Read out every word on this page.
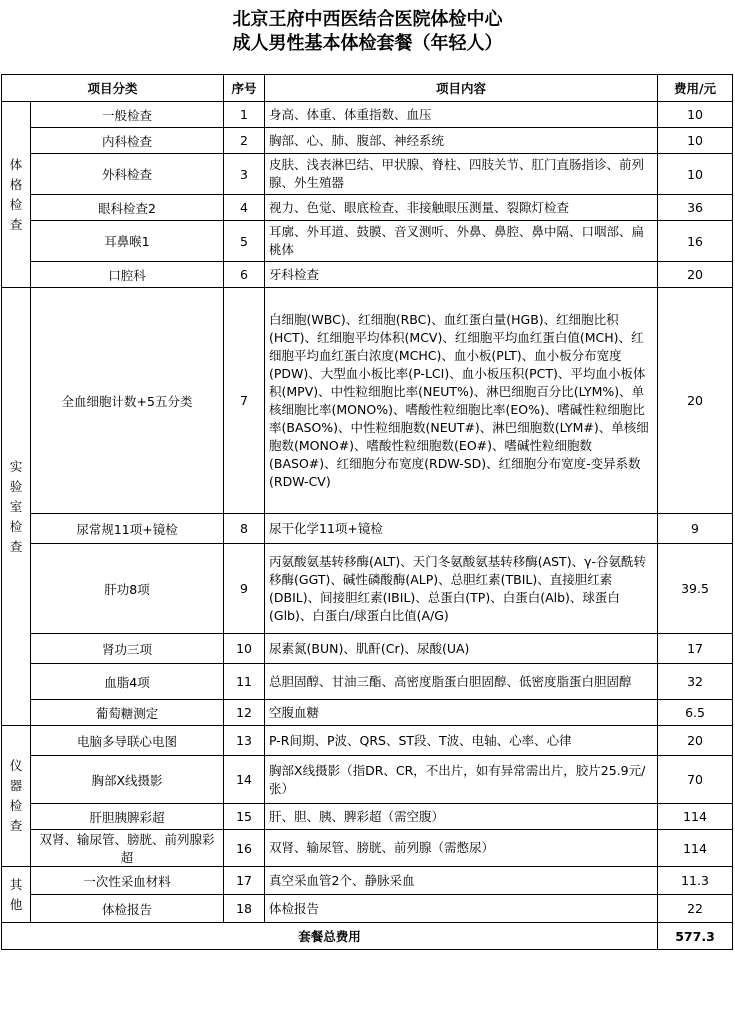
北京王府中西医结合医院体检中心
成人男性基本体检套餐（年轻人）
项目分类		序号	项目内容	费用/元
体格检查	一般检查	1	身高、体重、体重指数、血压	10
	内科检查	2	胸部、心、肺、腹部、神经系统	10
	外科检查	3	皮肤、浅表淋巴结、甲状腺、脊柱、四肢关节、肛门直肠指诊、前列腺、外生殖器	10
	眼科检查2	4	视力、色觉、眼底检查、非接触眼压测量、裂隙灯检查	36
	耳鼻喉1	5	耳廓、外耳道、鼓膜、音叉测听、外鼻、鼻腔、鼻中隔、口咽部、扁桃体	16
	口腔科	6	牙科检查	20
实验室检查	全血细胞计数+5五分类	7	白细胞(WBC)、红细胞(RBC)、血红蛋白量(HGB)、红细胞比积(HCT)、红细胞平均体积(MCV)、红细胞平均血红蛋白值(MCH)、红细胞平均血红蛋白浓度(MCHC)、血小板(PLT)、血小板分布宽度(PDW)、大型血小板比率(P-LCI)、血小板压积(PCT)、平均血小板体积(MPV)、中性粒细胞比率(NEUT%)、淋巴细胞百分比(LYM%)、单核细胞比率(MONO%)、嗜酸性粒细胞比率(EO%)、嗜碱性粒细胞比率(BASO%)、中性粒细胞数(NEUT#)、淋巴细胞数(LYM#)、单核细胞数(MONO#)、嗜酸性粒细胞数(EO#)、嗜碱性粒细胞数(BASO#)、红细胞分布宽度(RDW-SD)、红细胞分布宽度-变异系数(RDW-CV)	20
	尿常规11项+镜检	8	尿干化学11项+镜检	9
	肝功8项	9	丙氨酸氨基转移酶(ALT)、天门冬氨酸氨基转移酶(AST)、γ-谷氨酰转移酶(GGT)、碱性磷酸酶(ALP)、总胆红素(TBIL)、直接胆红素(DBIL)、间接胆红素(IBIL)、总蛋白(TP)、白蛋白(Alb)、球蛋白(Glb)、白蛋白/球蛋白比值(A/G)	39.5
	肾功三项	10	尿素氮(BUN)、肌酐(Cr)、尿酸(UA)	17
	血脂4项	11	总胆固醇、甘油三酯、高密度脂蛋白胆固醇、低密度脂蛋白胆固醇	32
	葡萄糖测定	12	空腹血糖	6.5
仪器检查	电脑多导联心电图	13	P-R间期、P波、QRS、ST段、T波、电轴、心率、心律	20
	胸部X线摄影	14	胸部X线摄影（指DR、CR，不出片，如有异常需出片，胶片25.9元/张）	70
	肝胆胰脾彩超	15	肝、胆、胰、脾彩超（需空腹）	114
	双肾、输尿管、膀胱、前列腺彩超	16	双肾、输尿管、膀胱、前列腺（需憋尿）	114
其他	一次性采血材料	17	真空采血管2个、静脉采血	11.3
	体检报告	18	体检报告	22
套餐总费用				577.3
